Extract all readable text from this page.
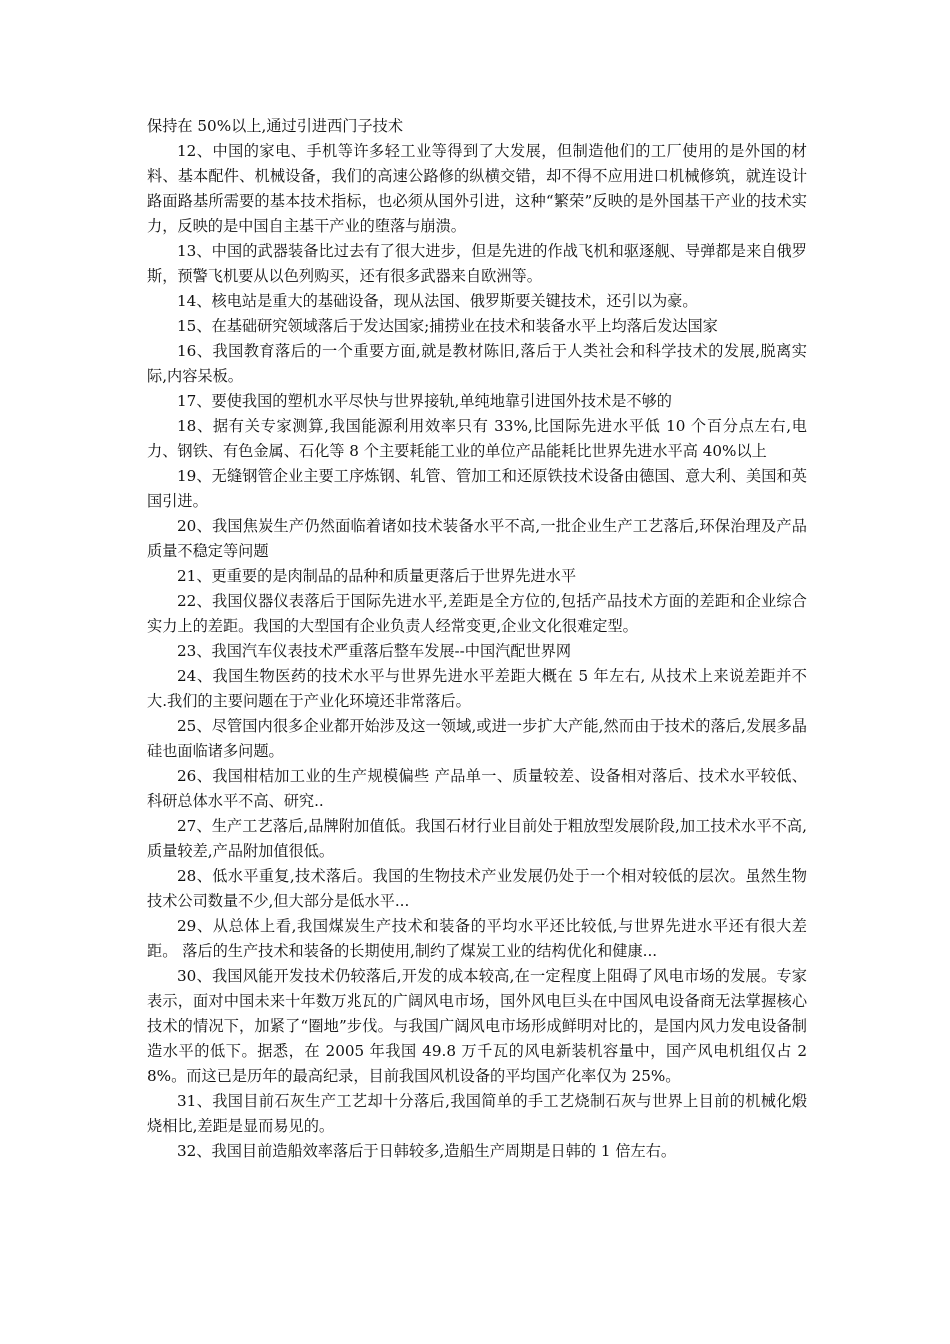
保持在 50%以上,通过引进西门子技术

12、中国的家电、手机等许多轻工业等得到了大发展，但制造他们的工厂使用的是外国的材料、基本配件、机械设备，我们的高速公路修的纵横交错，却不得不应用进口机械修筑，就连设计路面路基所需要的基本技术指标，也必须从国外引进，这种“繁荣”反映的是外国基干产业的技术实力，反映的是中国自主基干产业的堕落与崩溃。

13、中国的武器装备比过去有了很大进步，但是先进的作战飞机和驱逐舰、导弹都是来自俄罗斯，预警飞机要从以色列购买，还有很多武器来自欧洲等。

14、核电站是重大的基础设备，现从法国、俄罗斯要关键技术，还引以为豪。

15、在基础研究领域落后于发达国家;捕捞业在技术和装备水平上均落后发达国家

16、我国教育落后的一个重要方面,就是教材陈旧,落后于人类社会和科学技术的发展,脱离实际,内容呆板。

17、要使我国的塑机水平尽快与世界接轨,单纯地靠引进国外技术是不够的

18、据有关专家测算,我国能源利用效率只有 33%,比国际先进水平低 10 个百分点左右,电力、钢铁、有色金属、石化等 8 个主要耗能工业的单位产品能耗比世界先进水平高 40%以上

19、无缝钢管企业主要工序炼钢、轧管、管加工和还原铁技术设备由德国、意大利、美国和英国引进。

20、我国焦炭生产仍然面临着诸如技术装备水平不高,一批企业生产工艺落后,环保治理及产品质量不稳定等问题

21、更重要的是肉制品的品种和质量更落后于世界先进水平

22、我国仪器仪表落后于国际先进水平,差距是全方位的,包括产品技术方面的差距和企业综合实力上的差距。我国的大型国有企业负责人经常变更,企业文化很难定型。

23、我国汽车仪表技术严重落后整车发展--中国汽配世界网

24、我国生物医药的技术水平与世界先进水平差距大概在 5 年左右, 从技术上来说差距并不大.我们的主要问题在于产业化环境还非常落后。

25、尽管国内很多企业都开始涉及这一领域,或进一步扩大产能,然而由于技术的落后,发展多晶硅也面临诸多问题。

26、我国柑桔加工业的生产规模偏些 产品单一、质量较差、设备相对落后、技术水平较低、科研总体水平不高、研究..

27、生产工艺落后,品牌附加值低。我国石材行业目前处于粗放型发展阶段,加工技术水平不高,质量较差,产品附加值很低。

28、低水平重复,技术落后。我国的生物技术产业发展仍处于一个相对较低的层次。虽然生物技术公司数量不少,但大部分是低水平...

29、从总体上看,我国煤炭生产技术和装备的平均水平还比较低,与世界先进水平还有很大差距。 落后的生产技术和装备的长期使用,制约了煤炭工业的结构优化和健康...

30、我国风能开发技术仍较落后,开发的成本较高,在一定程度上阻碍了风电市场的发展。专家表示，面对中国未来十年数万兆瓦的广阔风电市场，国外风电巨头在中国风电设备商无法掌握核心技术的情况下，加紧了“圈地”步伐。与我国广阔风电市场形成鲜明对比的，是国内风力发电设备制造水平的低下。据悉，在 2005 年我国 49.8 万千瓦的风电新装机容量中，国产风电机组仅占 28%。而这已是历年的最高纪录，目前我国风机设备的平均国产化率仅为 25%。

31、我国目前石灰生产工艺却十分落后,我国简单的手工艺烧制石灰与世界上目前的机械化煅烧相比,差距是显而易见的。

32、我国目前造船效率落后于日韩较多,造船生产周期是日韩的 1 倍左右。
